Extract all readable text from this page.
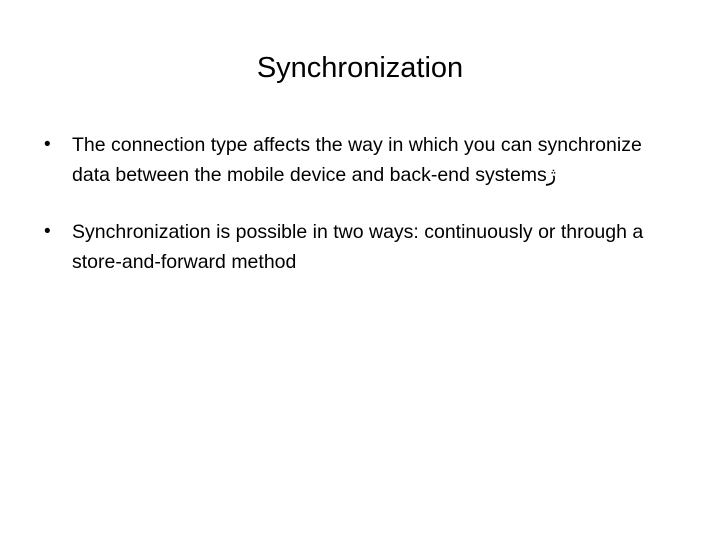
Synchronization
•	The connection type affects the way in which you can synchronize data between the mobile device and back-end systemsژ
•	Synchronization is possible in two ways: continuously or through a store-and-forward method
